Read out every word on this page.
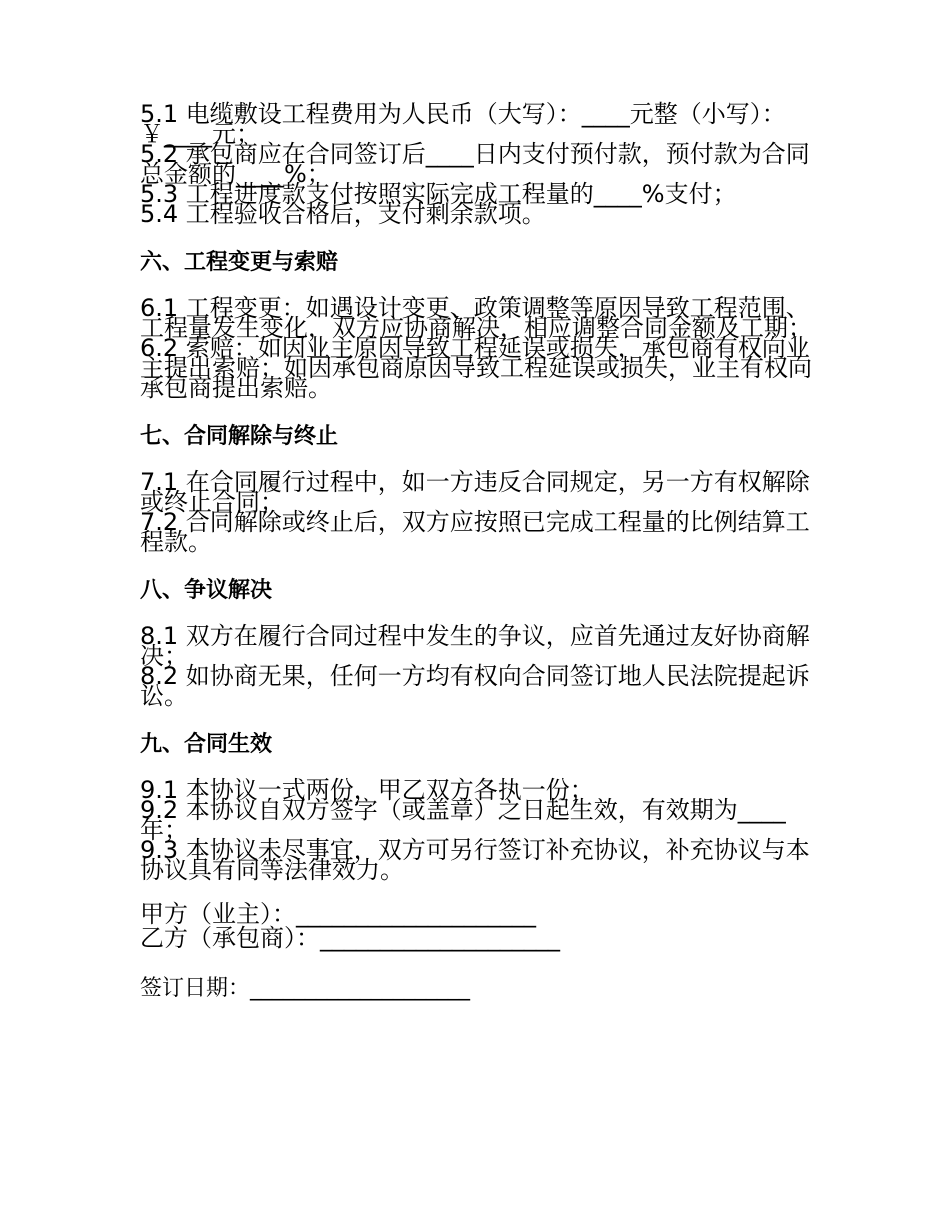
5.1 电缆敷设工程费用为人民币（大写）：____元整（小写）：￥____元；

5.2 承包商应在合同签订后____日内支付预付款，预付款为合同总金额的____%；

5.3 工程进度款支付按照实际完成工程量的____%支付；

5.4 工程验收合格后，支付剩余款项。

六、工程变更与索赔

6.1 工程变更：如遇设计变更、政策调整等原因导致工程范围、工程量发生变化，双方应协商解决，相应调整合同金额及工期；

6.2 索赔：如因业主原因导致工程延误或损失，承包商有权向业主提出索赔；如因承包商原因导致工程延误或损失，业主有权向承包商提出索赔。

七、合同解除与终止

7.1 在合同履行过程中，如一方违反合同规定，另一方有权解除或终止合同；

7.2 合同解除或终止后，双方应按照已完成工程量的比例结算工程款。

八、争议解决

8.1 双方在履行合同过程中发生的争议，应首先通过友好协商解决；

8.2 如协商无果，任何一方均有权向合同签订地人民法院提起诉讼。

九、合同生效

9.1 本协议一式两份，甲乙双方各执一份；

9.2 本协议自双方签字（或盖章）之日起生效，有效期为____年；

9.3 本协议未尽事宜，双方可另行签订补充协议，补充协议与本协议具有同等法律效力。

甲方（业主）：____________________

乙方（承包商）：____________________

签订日期：____________________
